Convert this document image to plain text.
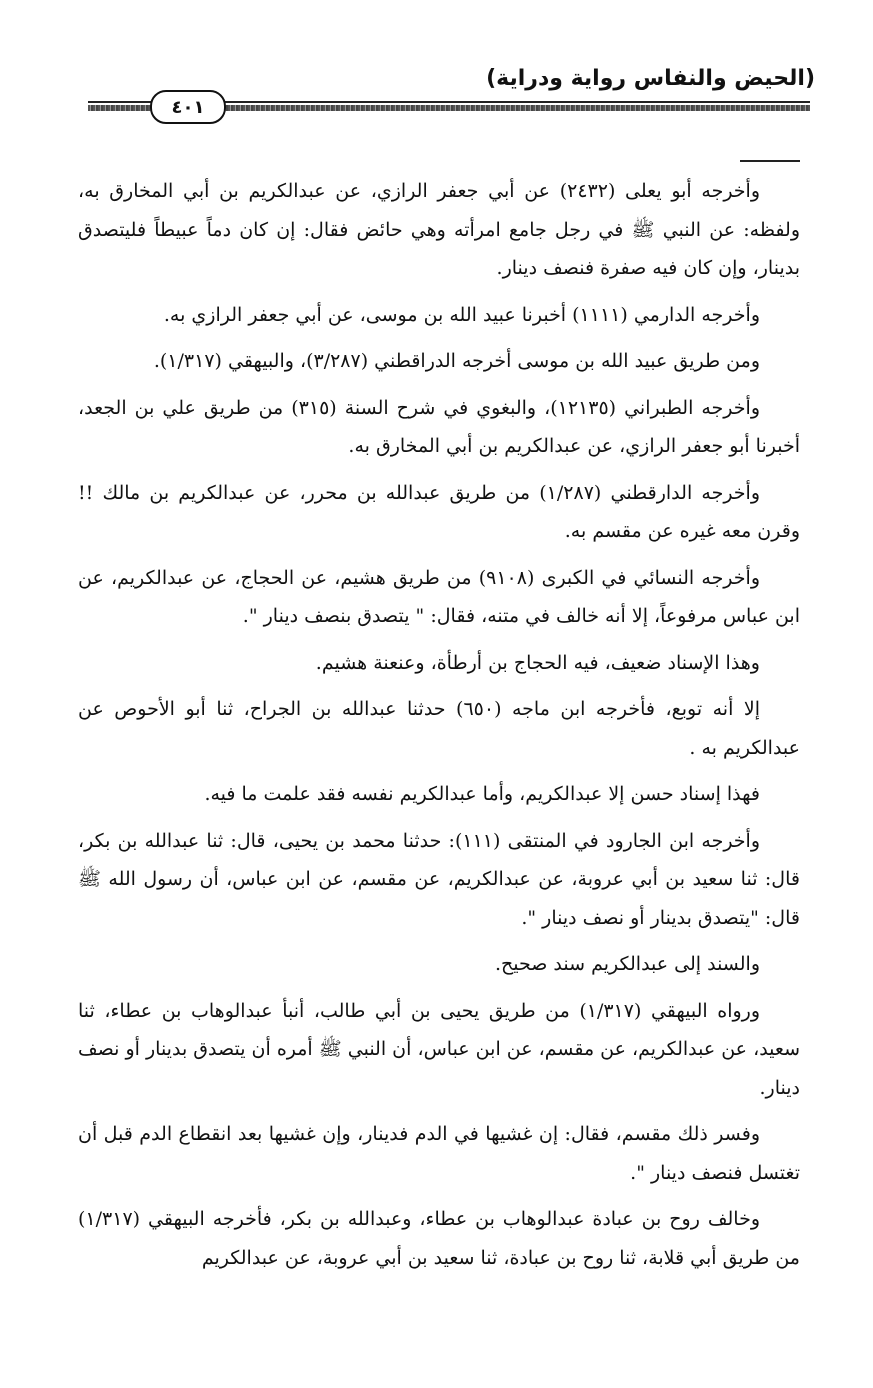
(الحيض والنفاس رواية ودراية)
٤٠١

وأخرجه أبو يعلى (٢٤٣٢) عن أبي جعفر الرازي، عن عبدالكريم بن أبي المخارق به، ولفظه: عن النبي ﷺ في رجل جامع امرأته وهي حائض فقال: إن كان دماً عبيطاً فليتصدق بدينار، وإن كان فيه صفرة فنصف دينار.

وأخرجه الدارمي (١١١١) أخبرنا عبيد الله بن موسى، عن أبي جعفر الرازي به.

ومن طريق عبيد الله بن موسى أخرجه الدراقطني (٣/٢٨٧)، والبيهقي (١/٣١٧).

وأخرجه الطبراني (١٢١٣٥)، والبغوي في شرح السنة (٣١٥) من طريق علي بن الجعد، أخبرنا أبو جعفر الرازي، عن عبدالكريم بن أبي المخارق به.

وأخرجه الدارقطني (١/٢٨٧) من طريق عبدالله بن محرر، عن عبدالكريم بن مالك !! وقرن معه غيره عن مقسم به.

وأخرجه النسائي في الكبرى (٩١٠٨) من طريق هشيم، عن الحجاج، عن عبدالكريم، عن ابن عباس مرفوعاً، إلا أنه خالف في متنه، فقال: " يتصدق بنصف دينار ".

وهذا الإسناد ضعيف، فيه الحجاج بن أرطأة، وعنعنة هشيم.

إلا أنه توبع، فأخرجه ابن ماجه (٦٥٠) حدثنا عبدالله بن الجراح، ثنا أبو الأحوص عن عبدالكريم به .

فهذا إسناد حسن إلا عبدالكريم، وأما عبدالكريم نفسه فقد علمت ما فيه.

وأخرجه ابن الجارود في المنتقى (١١١): حدثنا محمد بن يحيى، قال: ثنا عبدالله بن بكر، قال: ثنا سعيد بن أبي عروبة، عن عبدالكريم، عن مقسم، عن ابن عباس، أن رسول الله ﷺ قال: "يتصدق بدينار أو نصف دينار ".

والسند إلى عبدالكريم سند صحيح.

ورواه البيهقي (١/٣١٧) من طريق يحيى بن أبي طالب، أنبأ عبدالوهاب بن عطاء، ثنا سعيد، عن عبدالكريم، عن مقسم، عن ابن عباس، أن النبي ﷺ أمره أن يتصدق بدينار أو نصف دينار.

وفسر ذلك مقسم، فقال: إن غشيها في الدم فدينار، وإن غشيها بعد انقطاع الدم قبل أن تغتسل فنصف دينار ".

وخالف روح بن عبادة عبدالوهاب بن عطاء، وعبدالله بن بكر، فأخرجه البيهقي (١/٣١٧) من طريق أبي قلابة، ثنا روح بن عبادة، ثنا سعيد بن أبي عروبة، عن عبدالكريم
